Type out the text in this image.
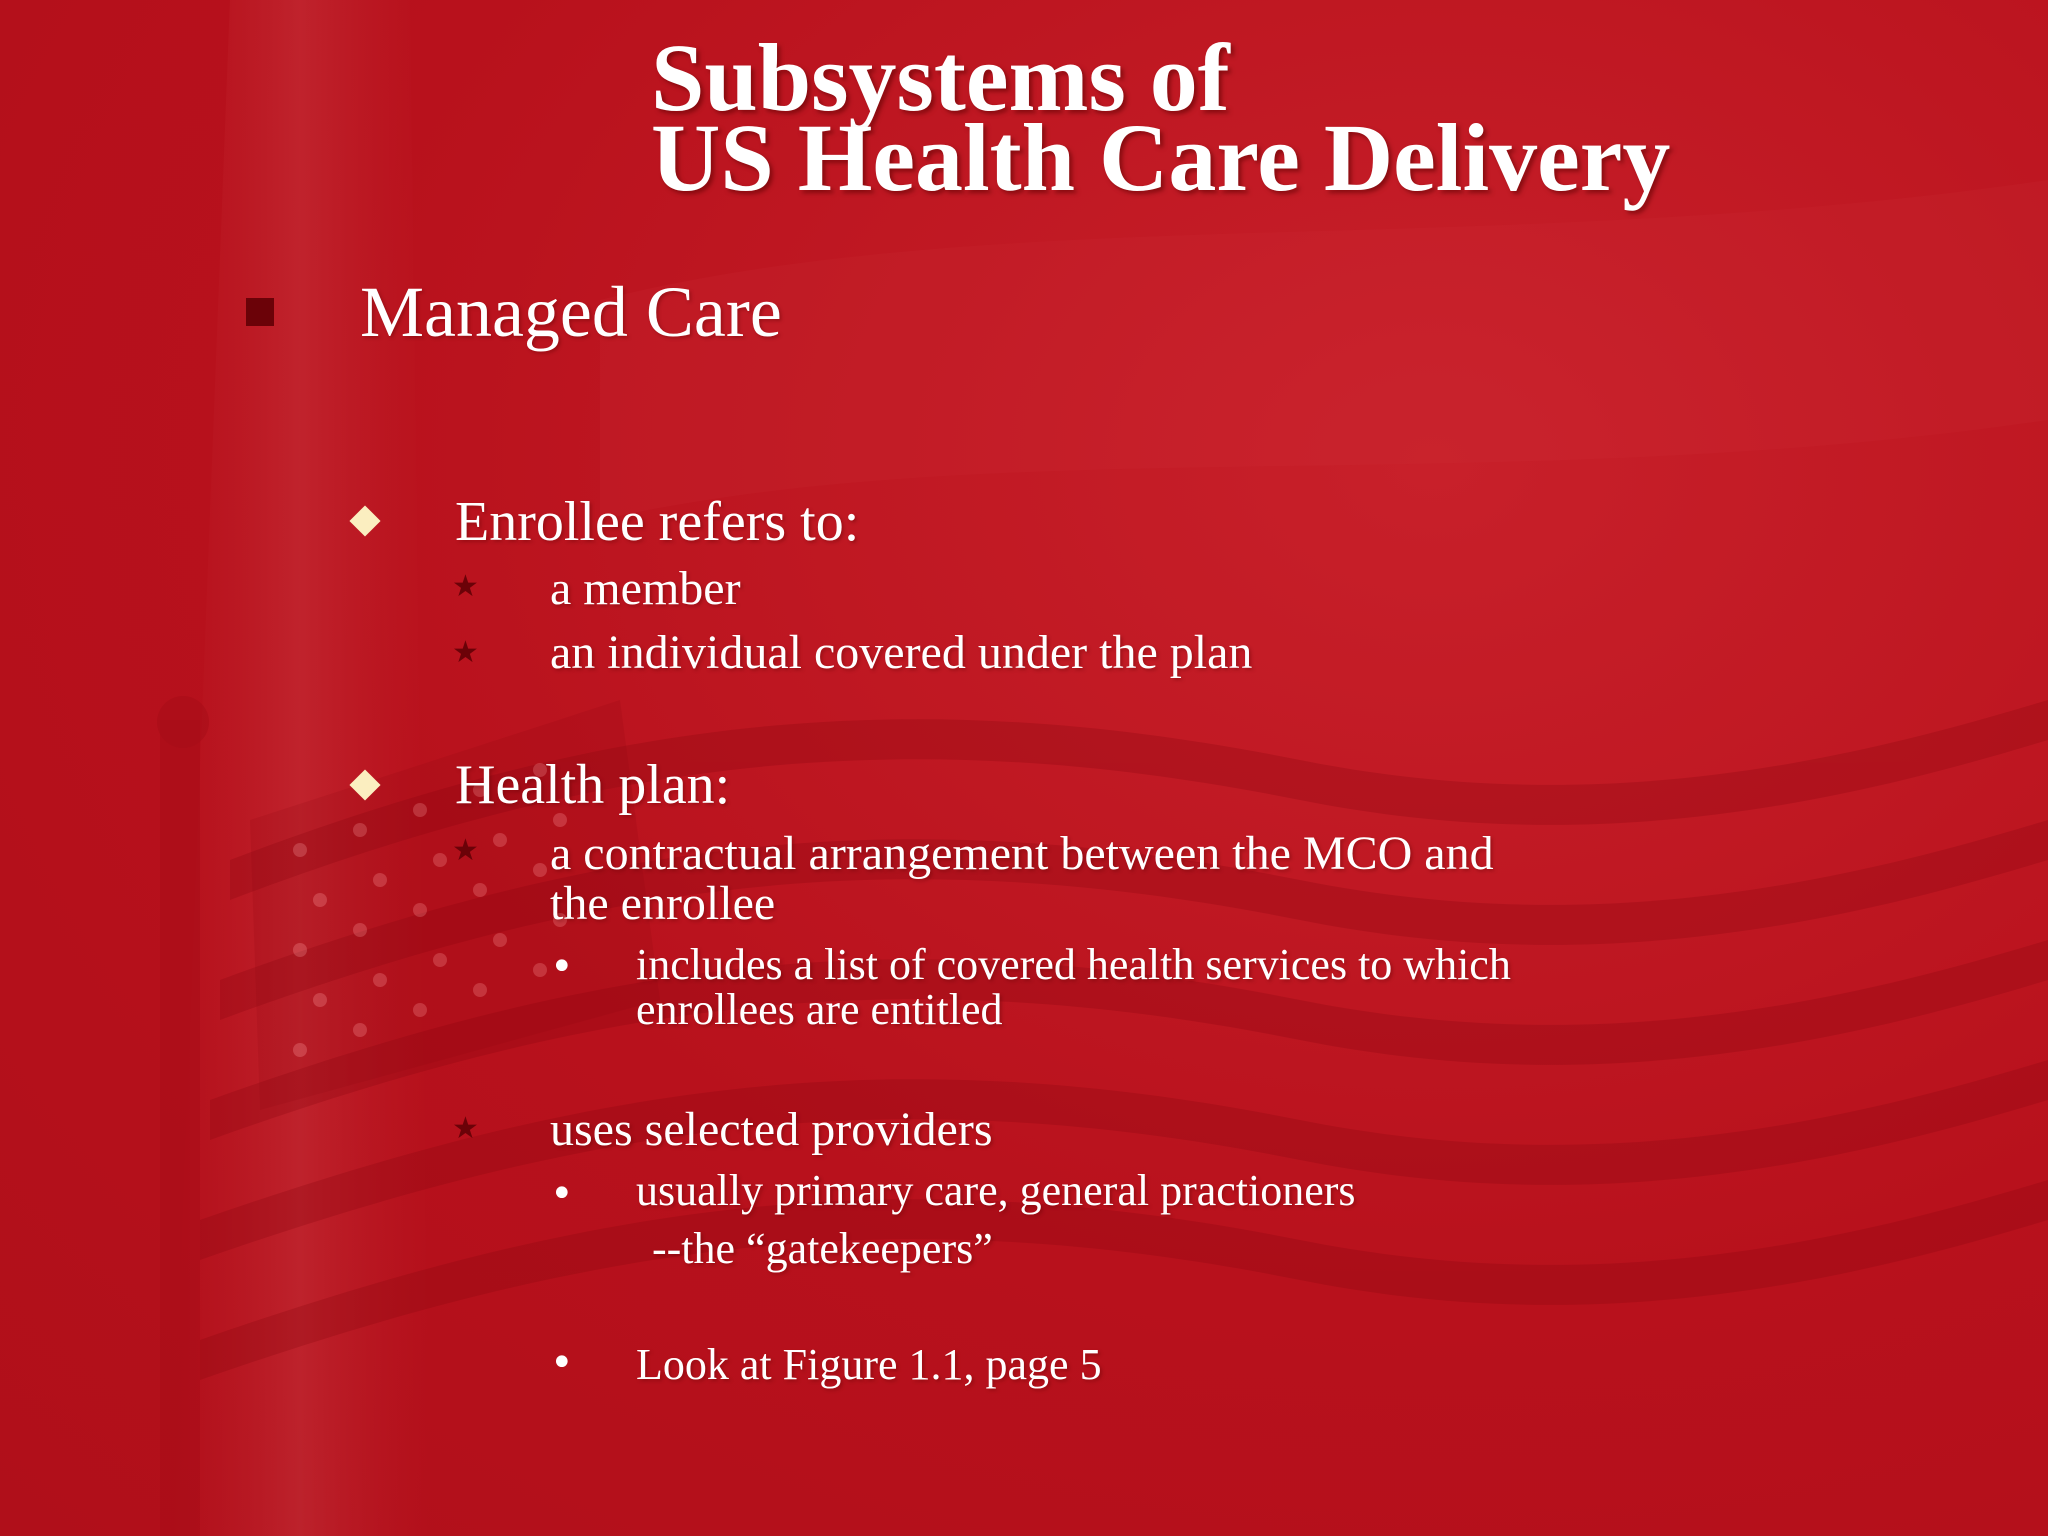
Subsystems of
US Health Care Delivery
Managed Care
Enrollee refers to:
★ a member
★ an individual covered under the plan
Health plan:
★ a contractual arrangement between the MCO and
the enrollee
• includes a list of covered health services to which
enrollees are entitled
★ uses selected providers
• usually primary care, general practioners
--the “gatekeepers”
• Look at Figure 1.1, page 5
